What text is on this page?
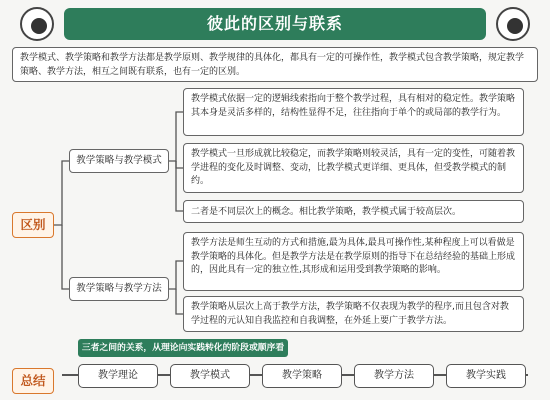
彼此的区别与联系
教学模式、教学策略和教学方法都是教学原则、教学规律的具体化，都具有一定的可操作性，教学模式包含教学策略，规定教学策略、教学方法，相互之间既有联系，也有一定的区别。
区别
教学策略与教学模式
教学策略与教学方法
教学模式依据一定的逻辑线索指向于整个教学过程，具有相对的稳定性。教学策略其本身是灵活多样的，结构性显得不足，往往指向于单个的或局部的教学行为。
教学模式一旦形成就比较稳定，而教学策略则较灵活，具有一定的变性，可随着教学进程的变化及时调整、变动，比教学模式更详细、更具体，但受教学模式的制约。
二者是不同层次上的概念。相比教学策略，教学模式属于较高层次。
教学方法是师生互动的方式和措施,最为具体,最具可操作性,某种程度上可以看做是教学策略的具体化。但是教学方法是在教学原则的指导下在总结经验的基础上形成的，因此具有一定的独立性,其形成和运用受到教学策略的影响。
教学策略从层次上高于教学方法，教学策略不仅表现为教学的程序,而且包含对教学过程的元认知自我监控和自我调整，在外延上要广于教学方法。
三者之间的关系，从理论向实践转化的阶段或顺序看
总结	教学理论	教学模式	教学策略	教学方法	教学实践
